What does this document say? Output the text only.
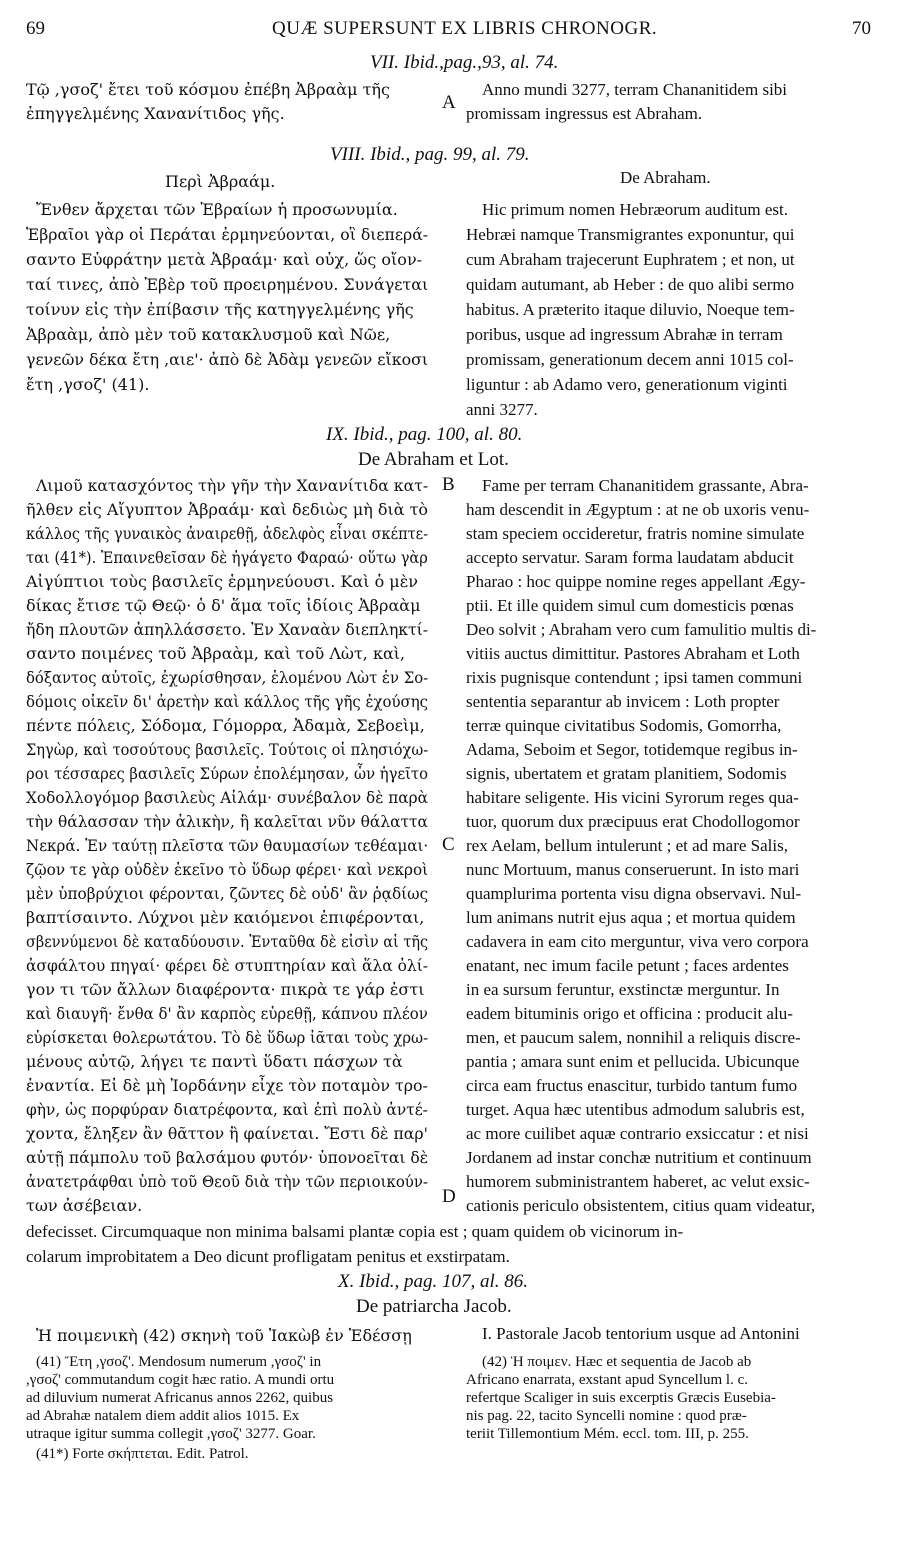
69	QUÆ SUPERSUNT EX LIBRIS CHRONOGR.	70
VII. Ibid.,pag.,93, al. 74.
Τῷ ,γσοζ' ἔτει τοῦ κόσμου ἐπέβη Ἀβραὰμ τῆς
ἐπηγγελμένης Χανανίτιδος γῆς.
A
Anno mundi 3277, terram Chananitidem sibi
promissam ingressus est Abraham.
VIII. Ibid., pag. 99, al. 79.
Περὶ Ἀβραάμ.	De Abraham.
Ἔνθεν ἄρχεται τῶν Ἑβραίων ἡ προσωνυμία.
Ἑβραῖοι γὰρ οἱ Περάται ἑρμηνεύονται, οἳ διεπερά-
σαντο Εὐφράτην μετὰ Ἀβραάμ· καὶ οὐχ, ὥς οἴον-
ταί τινες, ἀπὸ Ἐβὲρ τοῦ προειρημένου. Συνάγεται
τοίνυν εἰς τὴν ἐπίβασιν τῆς κατηγγελμένης γῆς
Ἀβραὰμ, ἀπὸ μὲν τοῦ κατακλυσμοῦ καὶ Νῶε,
γενεῶν δέκα ἔτη ,αιε'· ἀπὸ δὲ Ἀδὰμ γενεῶν εἴκοσι
ἔτη ,γσοζ' (41).
Hic primum nomen Hebræorum auditum est.
Hebræi namque Transmigrantes exponuntur, qui
cum Abraham trajecerunt Euphratem ; et non, ut
quidam autumant, ab Heber : de quo alibi sermo
habitus. A præterito itaque diluvio, Noeque tem-
poribus, usque ad ingressum Abrahæ in terram
promissam, generationum decem anni 1015 col-
liguntur : ab Adamo vero, generationum viginti
anni 3277.
IX. Ibid., pag. 100, al. 80.
De Abraham et Lot.
Λιμοῦ κατασχόντος τὴν γῆν τὴν Χανανίτιδα κατ-
ῆλθεν εἰς Αἴγυπτον Ἀβραάμ· καὶ δεδιὼς μὴ διὰ τὸ
κάλλος τῆς γυναικὸς ἀναιρεθῇ, ἀδελφὸς εἶναι σκέπτε-
ται (41*). Ἐπαινεθεῖσαν δὲ ἠγάγετο Φαραώ· οὕτω γὰρ
Αἰγύπτιοι τοὺς βασιλεῖς ἑρμηνεύουσι. Καὶ ὁ μὲν
δίκας ἔτισε τῷ Θεῷ· ὁ δ' ἅμα τοῖς ἰδίοις Ἀβραὰμ
ἤδη πλουτῶν ἀπηλλάσσετο. Ἐν Χαναὰν διεπληκτί-
σαντο ποιμένες τοῦ Ἀβραὰμ, καὶ τοῦ Λὼτ, καὶ,
δόξαντος αὐτοῖς, ἐχωρίσθησαν, ἑλομένου Λὼτ ἐν Σο-
δόμοις οἰκεῖν δι' ἀρετὴν καὶ κάλλος τῆς γῆς ἐχούσης
πέντε πόλεις, Σόδομα, Γόμορρα, Ἀδαμὰ, Σεβοεὶμ,
Σηγὼρ, καὶ τοσούτους βασιλεῖς. Τούτοις οἱ πλησιόχω-
ροι τέσσαρες βασιλεῖς Σύρων ἐπολέμησαν, ὧν ἡγεῖτο
Χοδολλογόμορ βασιλεὺς Αἰλάμ· συνέβαλον δὲ παρὰ
τὴν θάλασσαν τὴν ἁλικὴν, ἣ καλεῖται νῦν θάλαττα
Νεκρά. Ἐν ταύτῃ πλεῖστα τῶν θαυμασίων τεθέαμαι·
ζῷον τε γὰρ οὐδὲν ἐκεῖνο τὸ ὕδωρ φέρει· καὶ νεκροὶ
μὲν ὑποβρύχιοι φέρονται, ζῶντες δὲ οὐδ' ἂν ῥᾳδίως
βαπτίσαιντο. Λύχνοι μὲν καιόμενοι ἐπιφέρονται,
σβεννύμενοι δὲ καταδύουσιν. Ἐνταῦθα δὲ εἰσὶν αἱ τῆς
ἀσφάλτου πηγαί· φέρει δὲ στυπτηρίαν καὶ ἅλα ὀλί-
γον τι τῶν ἄλλων διαφέροντα· πικρὰ τε γάρ ἐστι
καὶ διαυγῆ· ἔνθα δ' ἂν καρπὸς εὑρεθῇ, κάπνου πλέον
εὑρίσκεται θολερωτάτου. Τὸ δὲ ὕδωρ ἰᾶται τοὺς χρω-
μένους αὐτῷ, λήγει τε παντὶ ὕδατι πάσχων τὰ
ἐναντία. Εἰ δὲ μὴ Ἰορδάνην εἶχε τὸν ποταμὸν τρο-
φὴν, ὡς πορφύραν διατρέφοντα, καὶ ἐπὶ πολὺ ἀντέ-
χοντα, ἔληξεν ἂν θᾶττον ἢ φαίνεται. Ἔστι δὲ παρ'
αὐτῇ πάμπολυ τοῦ βαλσάμου φυτόν· ὑπονοεῖται δὲ
ἀνατετράφθαι ὑπὸ τοῦ Θεοῦ διὰ τὴν τῶν περιοικούν-
των ἀσέβειαν.
B
C
D
Fame per terram Chananitidem grassante, Abra-
ham descendit in Ægyptum : at ne ob uxoris venu-
stam speciem occideretur, fratris nomine simulate
accepto servatur. Saram forma laudatam abducit
Pharao : hoc quippe nomine reges appellant Ægy-
ptii. Et ille quidem simul cum domesticis pœnas
Deo solvit ; Abraham vero cum famulitio multis di-
vitiis auctus dimittitur. Pastores Abraham et Loth
rixis pugnisque contendunt ; ipsi tamen communi
sententia separantur ab invicem : Loth propter
terræ quinque civitatibus Sodomis, Gomorrha,
Adama, Seboim et Segor, totidemque regibus in-
signis, ubertatem et gratam planitiem, Sodomis
habitare seligente. His vicini Syrorum reges qua-
tuor, quorum dux præcipuus erat Chodollogomor
rex Aelam, bellum intulerunt ; et ad mare Salis,
nunc Mortuum, manus conseruerunt. In isto mari
quamplurima portenta visu digna observavi. Nul-
lum animans nutrit ejus aqua ; et mortua quidem
cadavera in eam cito merguntur, viva vero corpora
enatant, nec imum facile petunt ; faces ardentes
in ea sursum feruntur, exstinctæ merguntur. In
eadem bituminis origo et officina : producit alu-
men, et paucum salem, nonnihil a reliquis discre-
pantia ; amara sunt enim et pellucida. Ubicunque
circa eam fructus enascitur, turbido tantum fumo
turget. Aqua hæc utentibus admodum salubris est,
ac more cuilibet aquæ contrario exsiccatur : et nisi
Jordanem ad instar conchæ nutritium et continuum
humorem subministrantem haberet, ac velut exsic-
cationis periculo obsistentem, citius quam videatur,
defecisset. Circumquaque non minima balsami plantæ copia est ; quam quidem ob vicinorum in-
colarum improbitatem a Deo dicunt profligatam penitus et exstirpatam.
X. Ibid., pag. 107, al. 86.
De patriarcha Jacob.
Ἡ ποιμενικὴ (42) σκηνὴ τοῦ Ἰακὼβ ἐν Ἐδέσσῃ	I. Pastorale Jacob tentorium usque ad Antonini
(41) Ἔτη ,γσοζ'. Mendosum numerum ,γσοζ' in
,γσοζ' commutandum cogit hæc ratio. A mundi ortu
ad diluvium numerat Africanus annos 2262, quibus
ad Abrahæ natalem diem addit alios 1015. Ex
utraque igitur summa collegit ,γσοζ' 3277. Goar.
(41*) Forte σκήπτεται. Edit. Patrol.
(42) Ἡ ποιμεν. Hæc et sequentia de Jacob ab
Africano enarrata, exstant apud Syncellum l. c.
refertque Scaliger in suis excerptis Græcis Eusebia-
nis pag. 22, tacito Syncelli nomine : quod præ-
teriit Tillemontium Mém. eccl. tom. III, p. 255.
